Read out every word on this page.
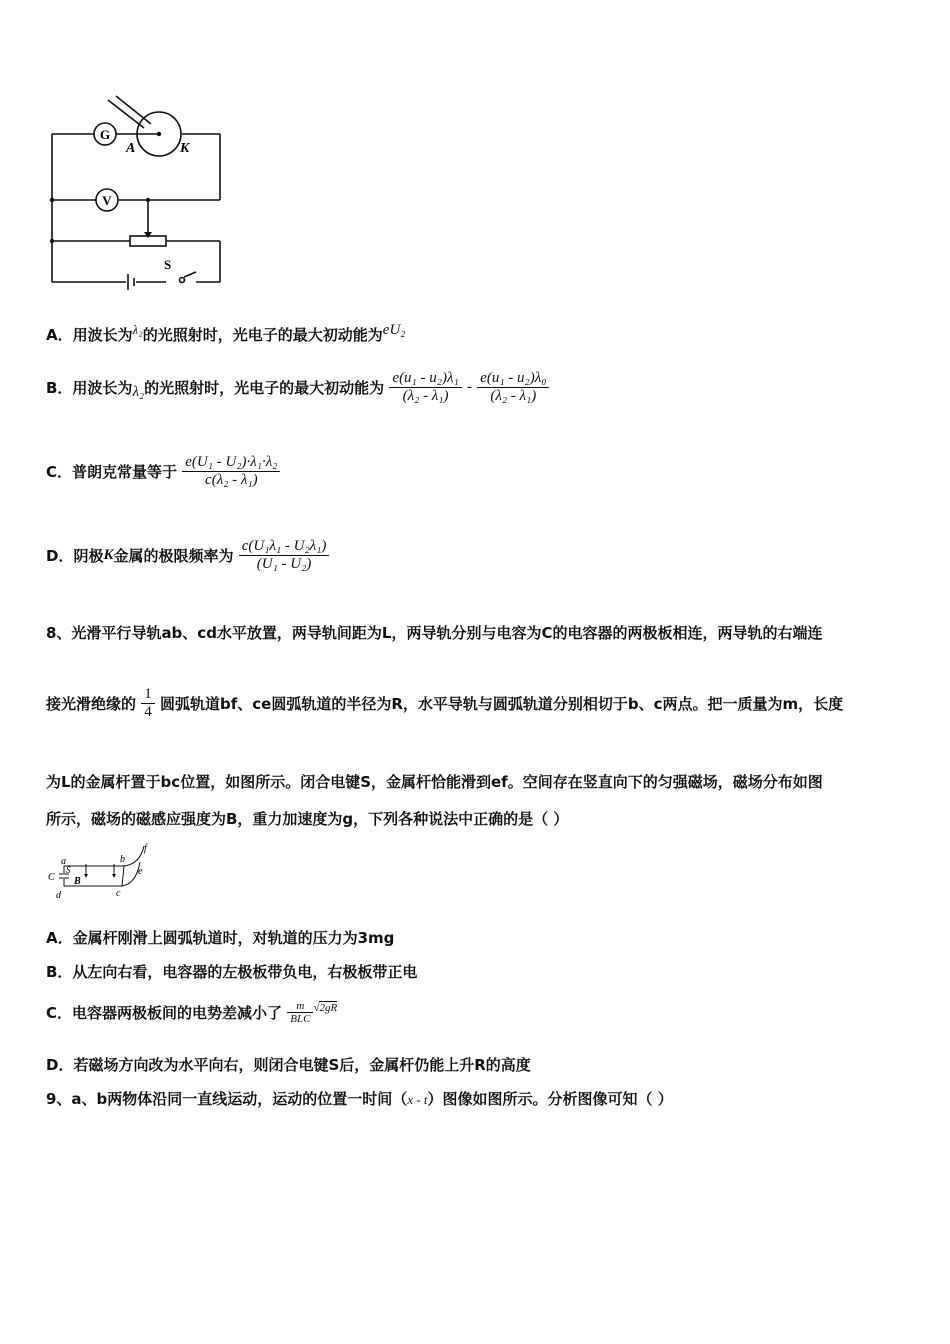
G
V
A	K
S
A．用波长为$^{\lambda_2}$的光照射时，光电子的最大初动能为$^{eU_2}$
B．用波长为λ₂的光照射时，光电子的最大初动能为 $\frac{\text{e(u₁ - u₂)λ₁}}{\text{(λ₂ - λ₁)}} - \frac{\text{e(u₁ - u₂)λ₀}}{\text{(λ₂ - λ₁)}}$
C．普朗克常量等于 $\frac{\text{e(U₁ - U₂)·λ₁·λ₂}}{\text{c(λ₂ - λ₁)}}$
D．阴极K金属的极限频率为 $\frac{\text{c(U₁λ₁ - U₂λ₁)}}{\text{(U₁ - U₂)}}$
8、光滑平行导轨ab、cd水平放置，两导轨间距为L，两导轨分别与电容为C的电容器的两极板相连，两导轨的右端连
接光滑绝缘的 $\frac{1}{4}$ 圆弧轨道bf、ce圆弧轨道的半径为R，水平导轨与圆弧轨道分别相切于b、c两点。把一质量为m，长度
为L的金属杆置于bc位置，如图所示。闭合电键S，金属杆恰能滑到ef。空间存在竖直向下的匀强磁场，磁场分布如图
所示，磁场的磁感应强度为B，重力加速度为g，下列各种说法中正确的是（ ）
a
d
C
S
B
b
c
e
f
A．金属杆刚滑上圆弧轨道时，对轨道的压力为3mg
B．从左向右看，电容器的左极板带负电，右极板带正电
C．电容器两极板间的电势差减小了 $\frac{m}{\text{BLC}} ^{√2gR}$
D．若磁场方向改为水平向右，则闭合电键S后，金属杆仍能上升R的高度
9、a、b两物体沿同一直线运动，运动的位置一时间（x - t）图像如图所示。分析图像可知（ ）
